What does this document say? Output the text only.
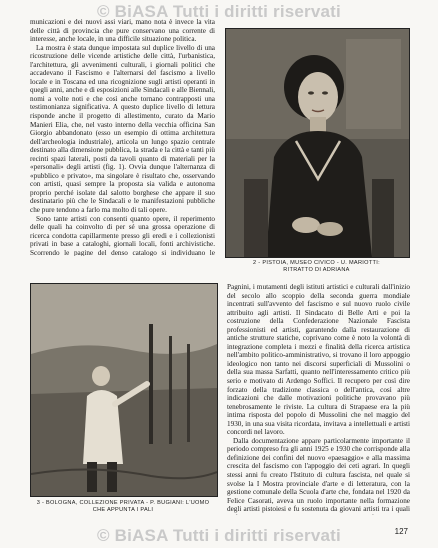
© BiASA Tutti i diritti riservati

municazioni e dei nuovi assi viari, mano nota è invece la vita delle città di provincia che pure conservano una corrente di interesse, anche locale, in una difficile situazione politica.

La mostra è stata dunque impostata sul duplice livello di una ricostruzione delle vicende artistiche delle città, l'urbanistica, l'architettura, gli avvenimenti culturali, i giornali politici che accadevano il Fascismo e l'alternarsi del fascismo a livello locale e in Toscana ed una ricognizione sugli artisti operanti in quegli anni, anche e di esposizioni alle Sindacali e alle Biennali, nomi a volte noti e che così anche tornano contrapposti una testimonianza significativa. A questo duplice livello di lettura risponde anche il progetto di allestimento, curato da Mario Manieri Elia, che, nel vasto interno della vecchia officina San Giorgio abbandonato (esso un esempio di ottima architettura dell'archeologia industriale), articola un lungo spazio centrale destinato alla dimensione pubblica, la strada e la città e tanti più recinti spazi laterali, posti da tavoli quanto di materiali per la «personali» degli artisti (fig. 1). Ovvia dunque l'alternanza di «pubblico e privato», ma singolare è risultato che, osservando con artisti, quasi sempre la proposta sia valida e autonoma proprio perché isolate dal salotto borghese che appare il suo destinatario più che le Sindacali e le manifestazioni pubbliche che pure tendono a farlo ma molto di tali opere.

Sono tante artisti con consenti quanto opere, il reperimento delle quali ha coinvolto di per sé una grossa operazione di ricerca condotta capillarmente presso gli eredi e i collezionisti privati in base a cataloghi, giornali locali, fonti archivistiche. Scorrendo le pagine del denso catalogo si individuano le

2 - PISTOIA, MUSEO CIVICO - U. MARIOTTI:
RITRATTO DI ADRIANA
3 - BOLOGNA, COLLEZIONE PRIVATA - P. BUGIANI: L'UOMO
CHE APPUNTA I PALI

Pagnini, i mutamenti degli istituti artistici e culturali dall'inizio del secolo allo scoppio della seconda guerra mondiale incentrati sull'avvento del fascismo e sul nuovo ruolo civile attribuito agli artisti. Il Sindacato di Belle Arti e poi la costruzione della Confederazione Nazionale Fascista professionisti ed artisti, garantendo dalla restaurazione di antiche strutture statiche, coprivano come è noto la volontà di integrazione completa i mezzi e finalità della ricerca artistica nell'ambito politico-amministrativo, si trovano il loro appoggio ideologico non tanto nei discorsi superficiali di Mussolini o della sua massa Sarfatti, quanto nell'interessamento critico più serio e motivato di Ardengo Soffici. Il recupero per così dire forzato della tradizione classica o dell'antica, così altre indicazioni che dalle motivazioni politiche provavano più tenebrosamente le riviste. La cultura di Strapaese era la più intima risposta del popolo di Mussolini che nel maggio del 1930, in una sua visita ricordata, invitava a intellettuali e artisti concordi nel lavoro.

Dalla documentazione appare particolarmente importante il periodo compreso fra gli anni 1925 e 1930 che corrisponde alla definizione dei confini del nuovo «paesaggio» e alla massima crescita del fascismo con l'appoggio dei ceti agrari. In quegli stessi anni fu creato l'Istituto di cultura fascista, nel quale si svolse la I Mostra provinciale d'arte e di letteratura, con la gestione comunale della Scuola d'arte che, fondata nel 1920 da Felice Casorati, aveva un ruolo importante nella formazione degli artisti pistoiesi e fu sostenuta da giovani artisti tra i quali

127
© BiASA Tutti i diritti riservati
